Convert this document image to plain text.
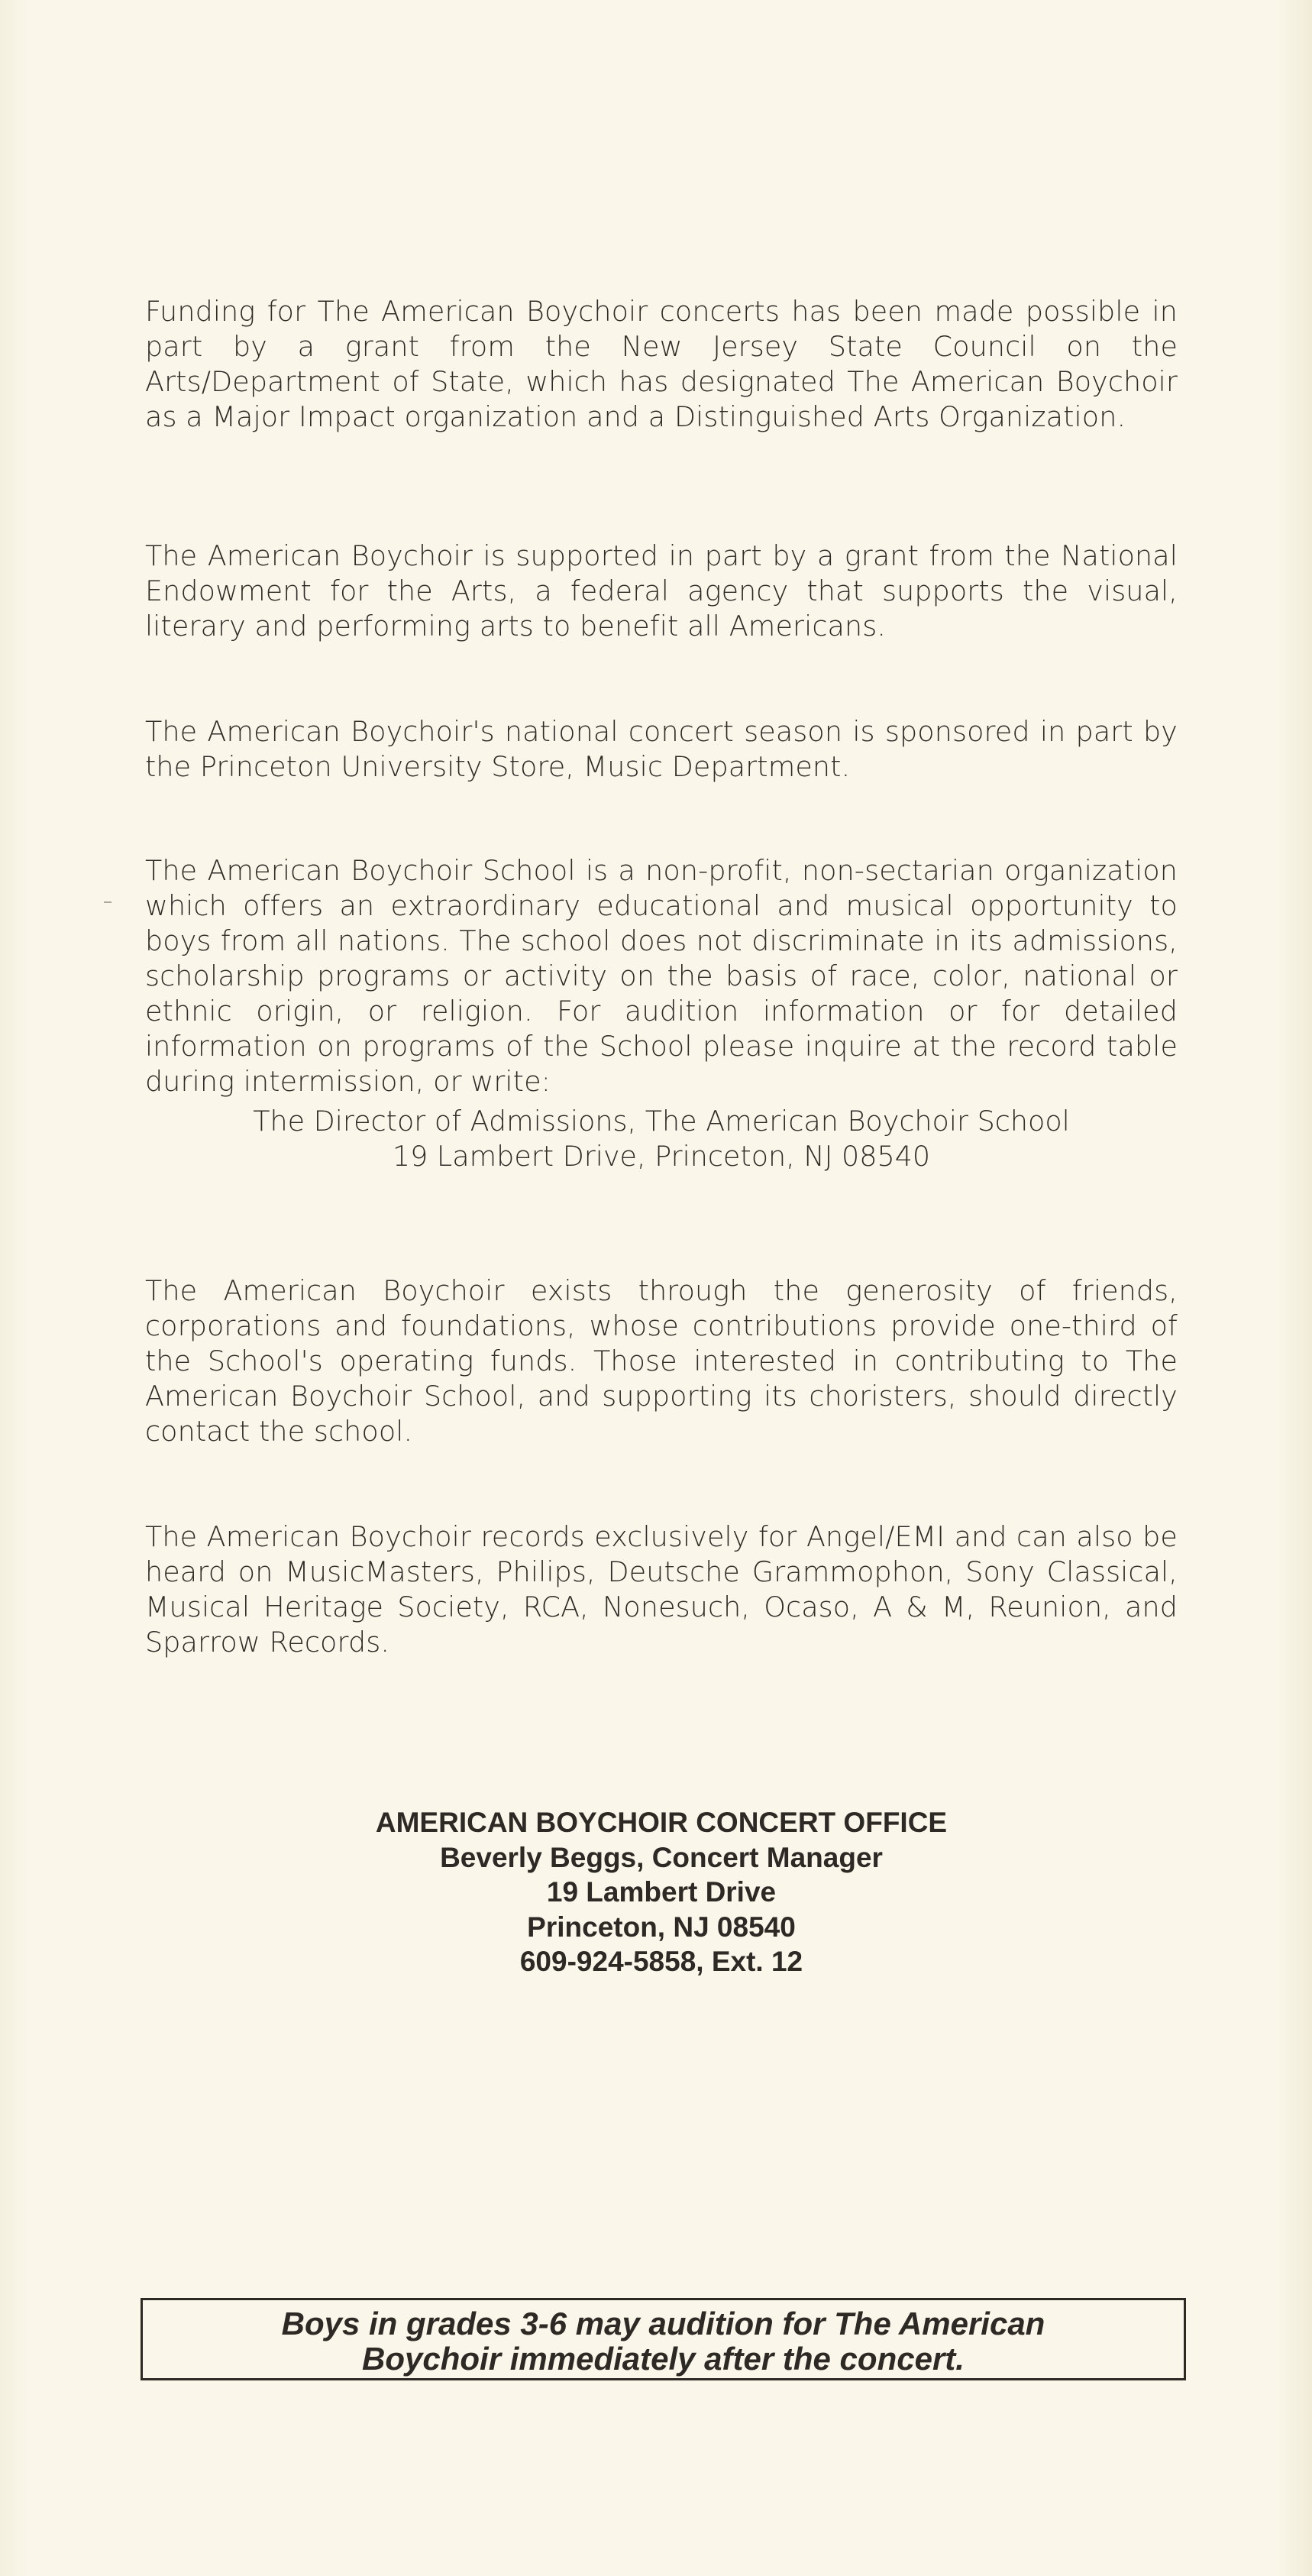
Funding for The American Boychoir concerts has been made possible in part by a grant from the New Jersey State Council on the Arts/Department of State, which has designated The American Boychoir as a Major Impact organization and a Distinguished Arts Organization.

The American Boychoir is supported in part by a grant from the National Endowment for the Arts, a federal agency that supports the visual, literary and performing arts to benefit all Americans.

The American Boychoir's national concert season is sponsored in part by the Princeton University Store, Music Department.

The American Boychoir School is a non-profit, non-sectarian organization which offers an extraordinary educational and musical opportunity to boys from all nations. The school does not discriminate in its admissions, scholarship programs or activity on the basis of race, color, national or ethnic origin, or religion. For audition information or for detailed information on programs of the School please inquire at the record table during intermission, or write:

The Director of Admissions, The American Boychoir School
19 Lambert Drive, Princeton, NJ 08540

The American Boychoir exists through the generosity of friends, corporations and foundations, whose contributions provide one-third of the School's operating funds. Those interested in contributing to The American Boychoir School, and supporting its choristers, should directly contact the school.

The American Boychoir records exclusively for Angel/EMI and can also be heard on MusicMasters, Philips, Deutsche Grammophon, Sony Classical, Musical Heritage Society, RCA, Nonesuch, Ocaso, A & M, Reunion, and Sparrow Records.

AMERICAN BOYCHOIR CONCERT OFFICE
Beverly Beggs, Concert Manager
19 Lambert Drive
Princeton, NJ 08540
609-924-5858, Ext. 12
Boys in grades 3-6 may audition for The American
Boychoir immediately after the concert.
